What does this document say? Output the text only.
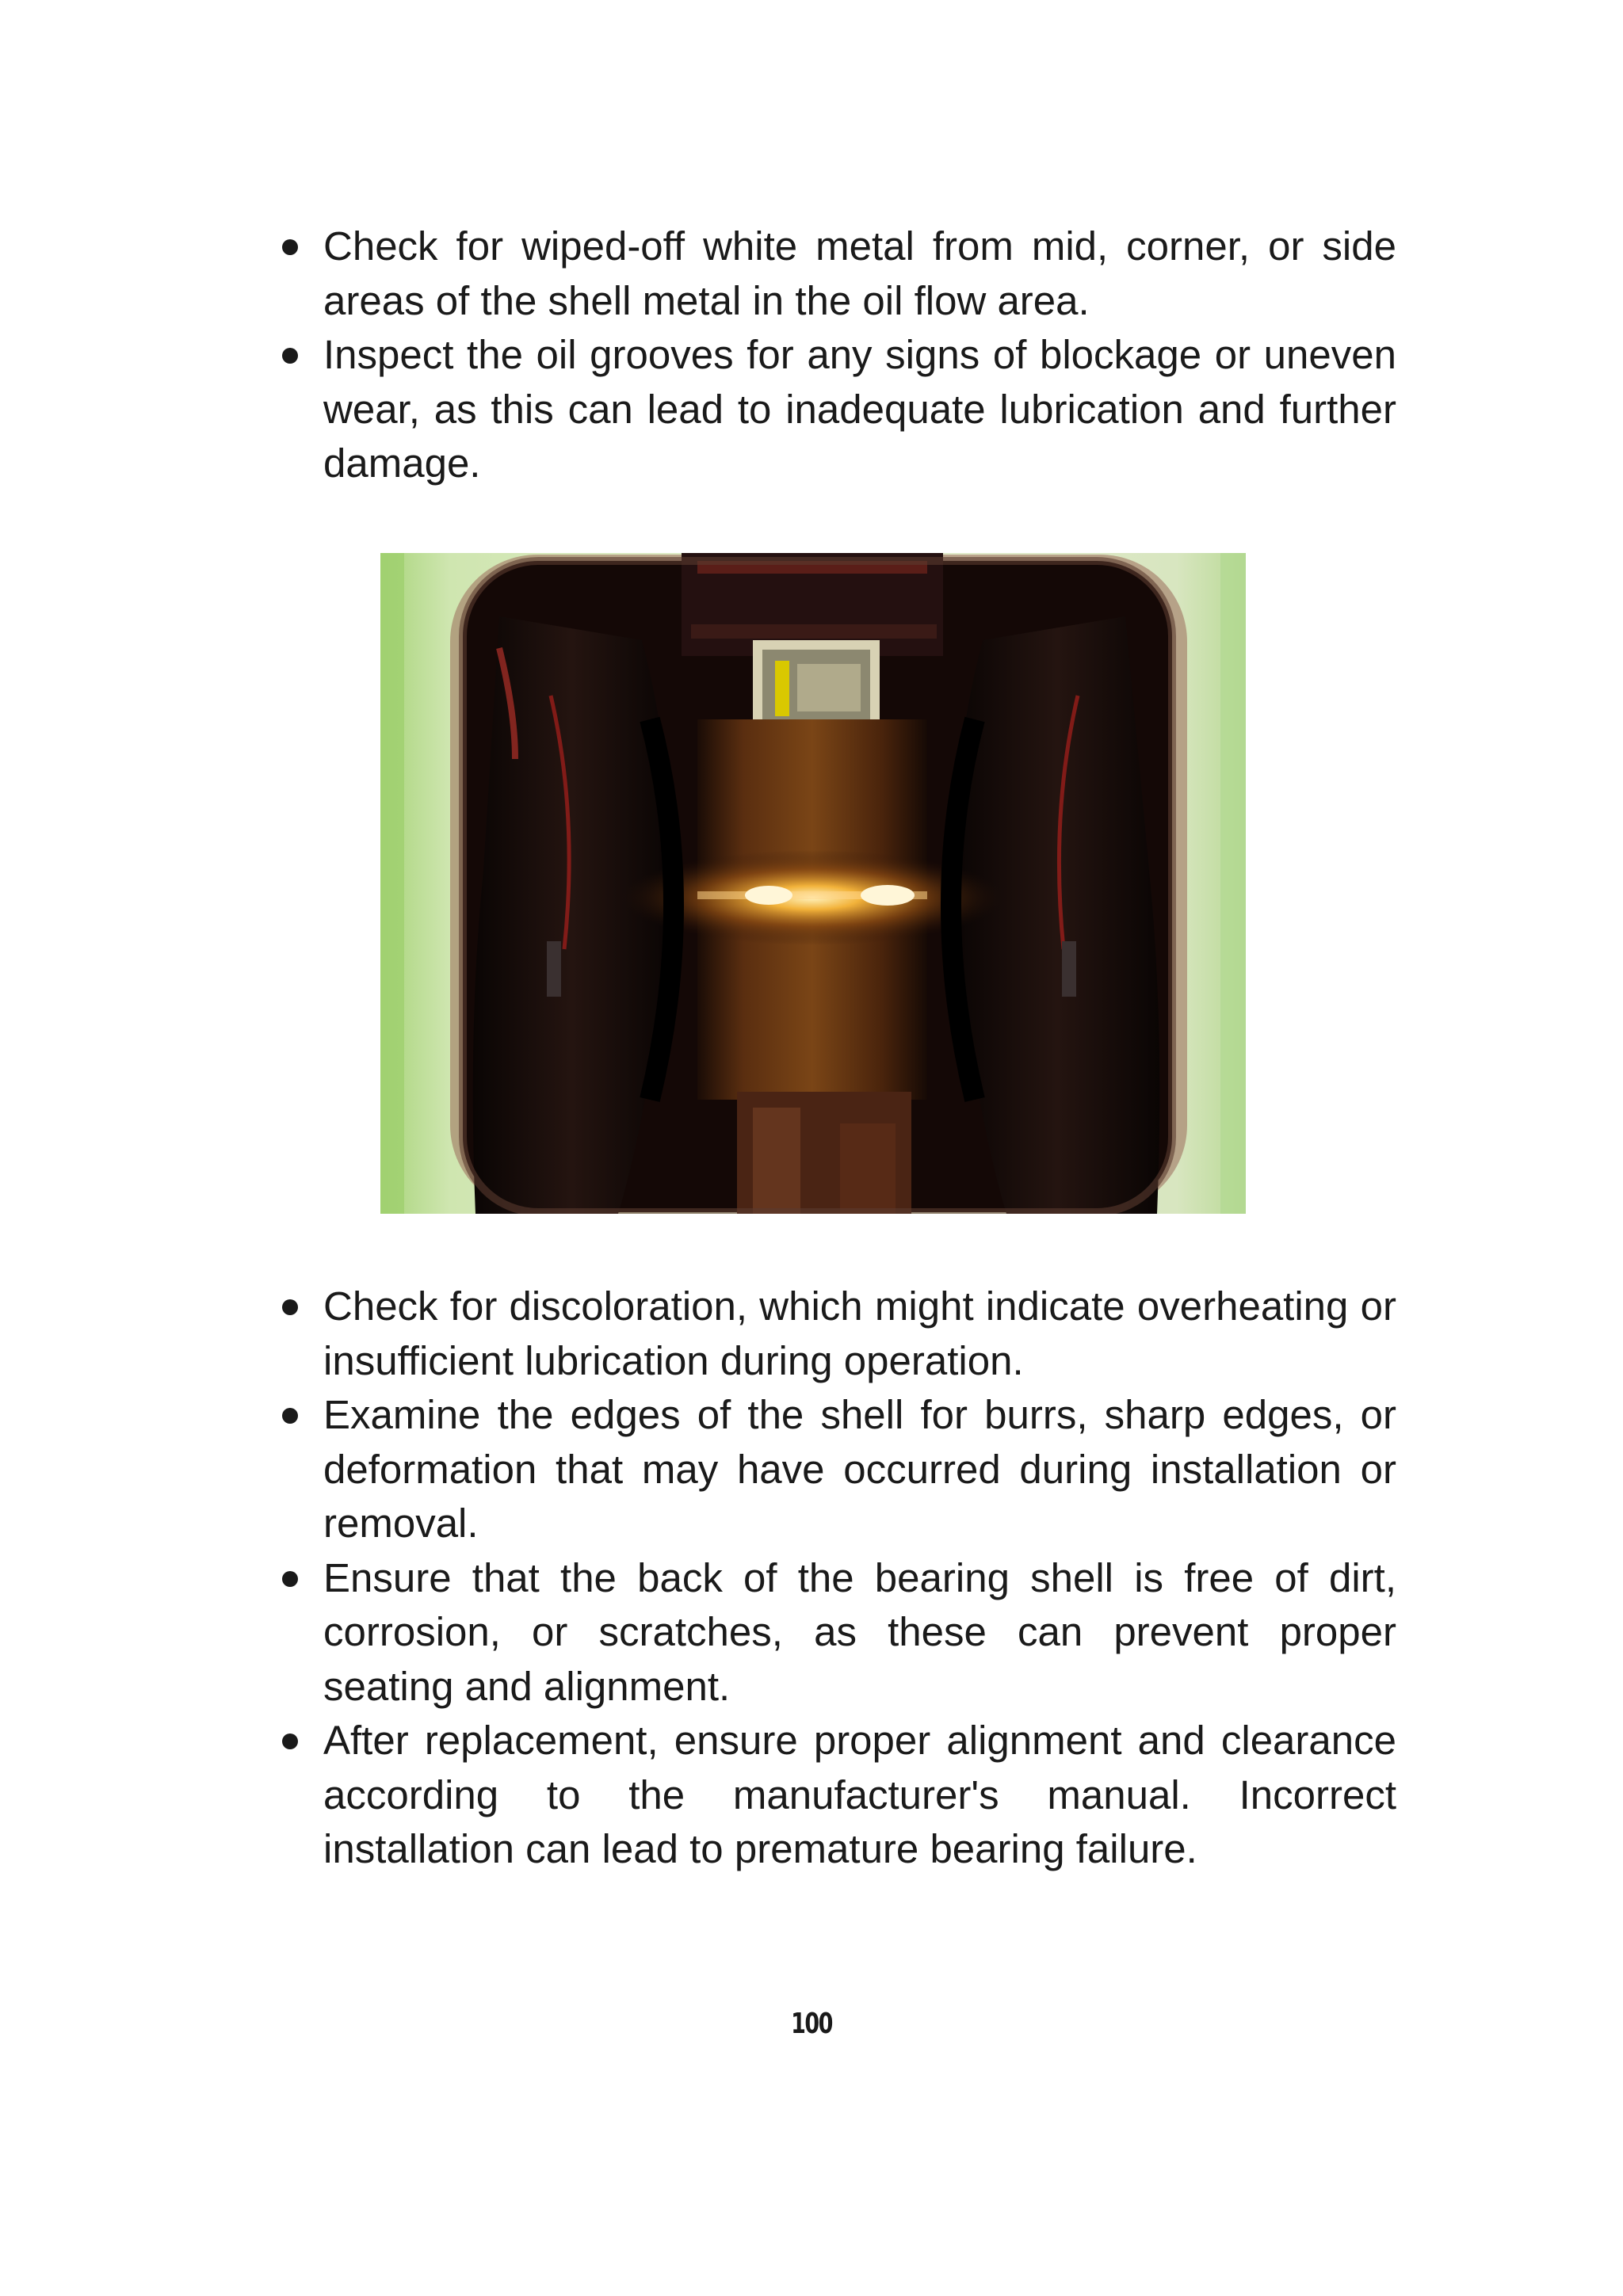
Check for wiped-off white metal from mid, corner, or side areas of the shell metal in the oil flow area.
Inspect the oil grooves for any signs of blockage or uneven wear, as this can lead to inadequate lubrication and further damage.
Check for discoloration, which might indicate overheating or insufficient lubrication during operation.
Examine the edges of the shell for burrs, sharp edges, or deformation that may have occurred during installation or removal.
Ensure that the back of the bearing shell is free of dirt, corrosion, or scratches, as these can prevent proper seating and alignment.
After replacement, ensure proper alignment and clearance according to the manufacturer's manual. Incorrect installation can lead to premature bearing failure.
100
